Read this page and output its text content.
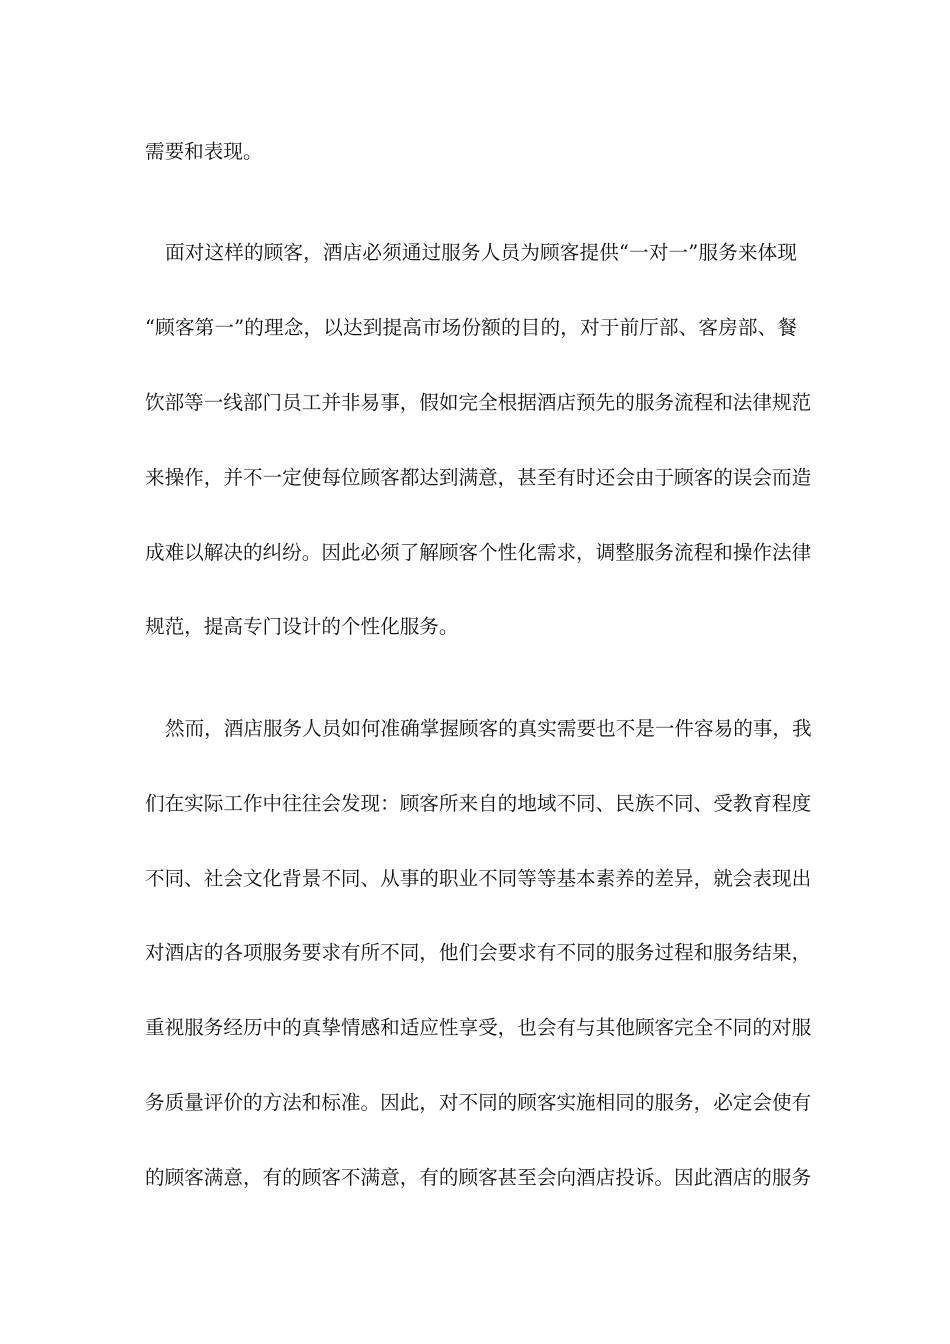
需要和表现。
面对这样的顾客，酒店必须通过服务人员为顾客提供“一对一”服务来体现
“顾客第一”的理念，以达到提高市场份额的目的，对于前厅部、客房部、餐
饮部等一线部门员工并非易事，假如完全根据酒店预先的服务流程和法律规范
来操作，并不一定使每位顾客都达到满意，甚至有时还会由于顾客的误会而造
成难以解决的纠纷。因此必须了解顾客个性化需求，调整服务流程和操作法律
规范，提高专门设计的个性化服务。
然而，酒店服务人员如何准确掌握顾客的真实需要也不是一件容易的事，我
们在实际工作中往往会发现：顾客所来自的地域不同、民族不同、受教育程度
不同、社会文化背景不同、从事的职业不同等等基本素养的差异，就会表现出
对酒店的各项服务要求有所不同，他们会要求有不同的服务过程和服务结果，
重视服务经历中的真挚情感和适应性享受，也会有与其他顾客完全不同的对服
务质量评价的方法和标准。因此，对不同的顾客实施相同的服务，必定会使有
的顾客满意，有的顾客不满意，有的顾客甚至会向酒店投诉。因此酒店的服务
